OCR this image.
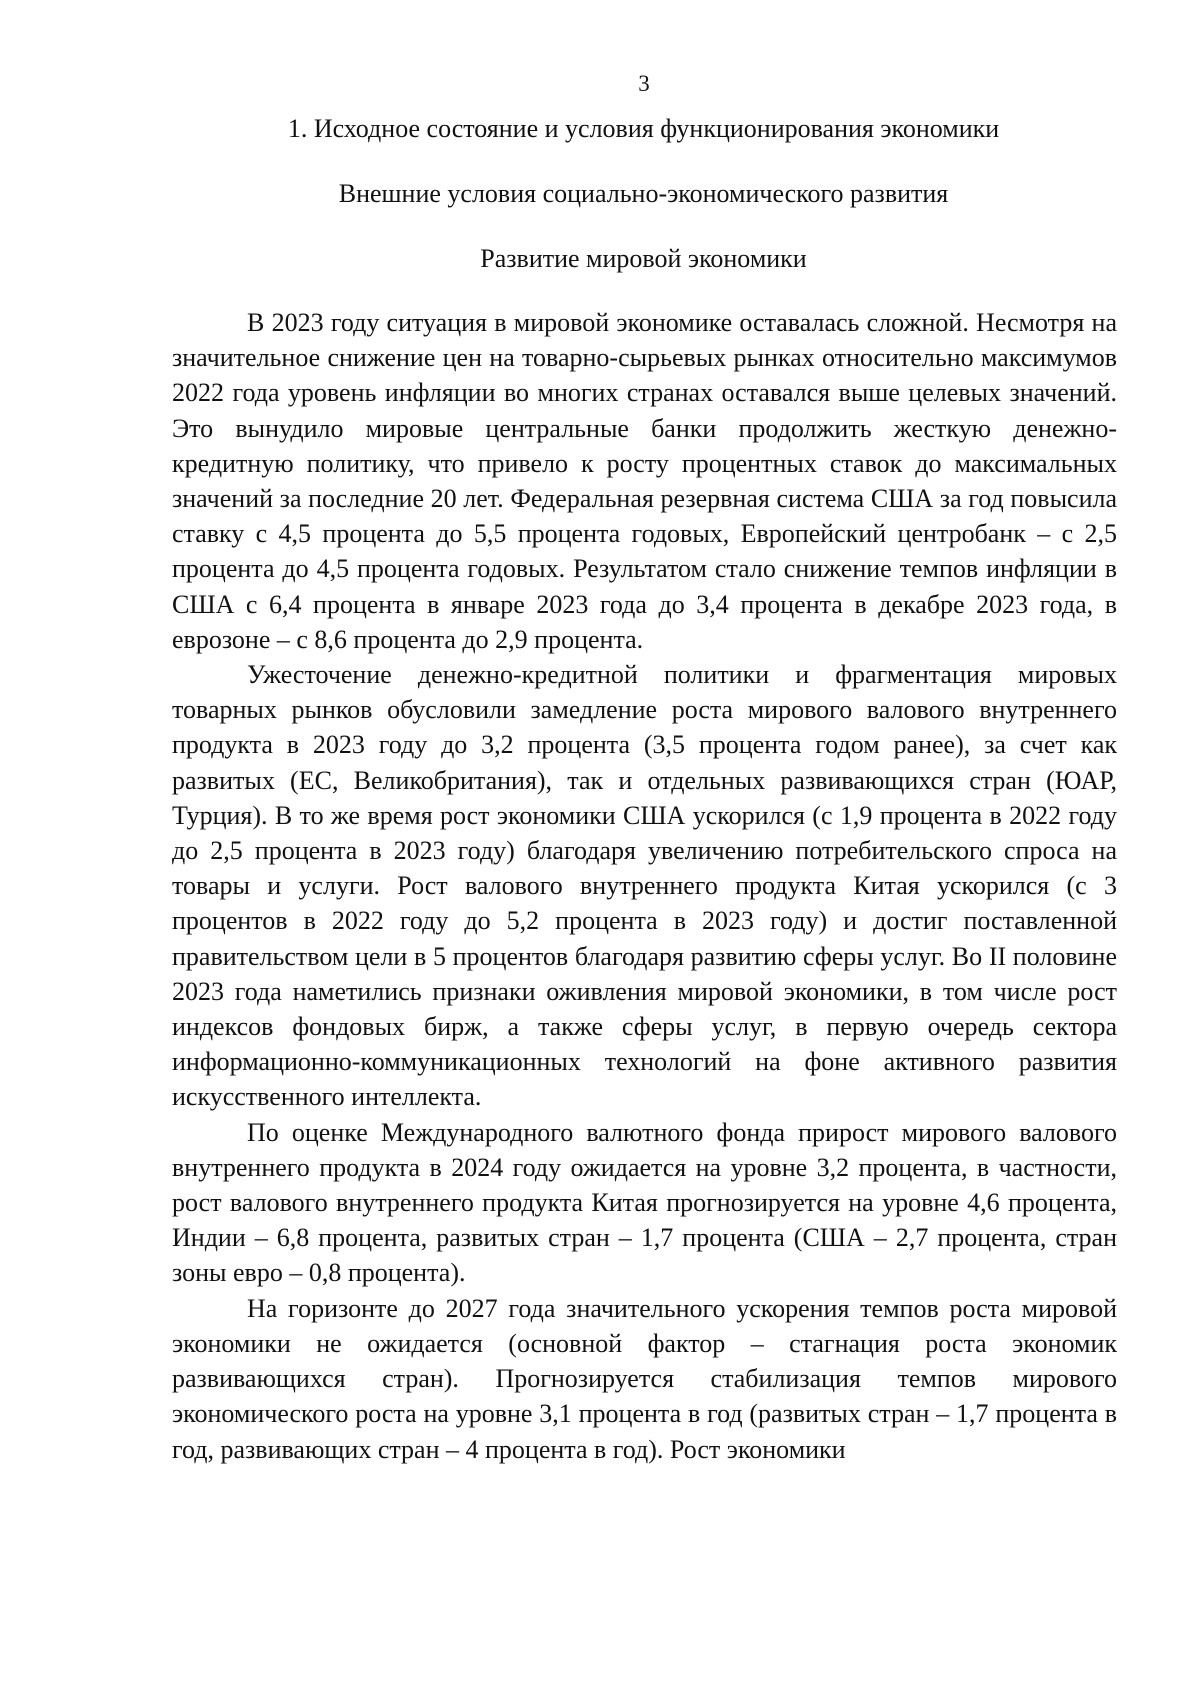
3
1. Исходное состояние и условия функционирования экономики
Внешние условия социально-экономического развития
Развитие мировой экономики

В 2023 году ситуация в мировой экономике оставалась сложной. Несмотря на значительное снижение цен на товарно-сырьевых рынках относительно максимумов 2022 года уровень инфляции во многих странах оставался выше целевых значений. Это вынудило мировые центральные банки продолжить жесткую денежно-кредитную политику, что привело к росту процентных ставок до максимальных значений за последние 20 лет. Федеральная резервная система США за год повысила ставку с 4,5 процента до 5,5 процента годовых, Европейский центробанк – с 2,5 процента до 4,5 процента годовых. Результатом стало снижение темпов инфляции в США с 6,4 процента в январе 2023 года до 3,4 процента в декабре 2023 года, в еврозоне – с 8,6 процента до 2,9 процента.

Ужесточение денежно-кредитной политики и фрагментация мировых товарных рынков обусловили замедление роста мирового валового внутреннего продукта в 2023 году до 3,2 процента (3,5 процента годом ранее), за счет как развитых (ЕС, Великобритания), так и отдельных развивающихся стран (ЮАР, Турция). В то же время рост экономики США ускорился (с 1,9 процента в 2022 году до 2,5 процента в 2023 году) благодаря увеличению потребительского спроса на товары и услуги. Рост валового внутреннего продукта Китая ускорился (с 3 процентов в 2022 году до 5,2 процента в 2023 году) и достиг поставленной правительством цели в 5 процентов благодаря развитию сферы услуг. Во II половине 2023 года наметились признаки оживления мировой экономики, в том числе рост индексов фондовых бирж, а также сферы услуг, в первую очередь сектора информационно-коммуникационных технологий на фоне активного развития искусственного интеллекта.

По оценке Международного валютного фонда прирост мирового валового внутреннего продукта в 2024 году ожидается на уровне 3,2 процента, в частности, рост валового внутреннего продукта Китая прогнозируется на уровне 4,6 процента, Индии – 6,8 процента, развитых стран – 1,7 процента (США – 2,7 процента, стран зоны евро – 0,8 процента).

На горизонте до 2027 года значительного ускорения темпов роста мировой экономики не ожидается (основной фактор – стагнация роста экономик развивающихся стран). Прогнозируется стабилизация темпов мирового экономического роста на уровне 3,1 процента в год (развитых стран – 1,7 процента в год, развивающих стран – 4 процента в год). Рост экономики
